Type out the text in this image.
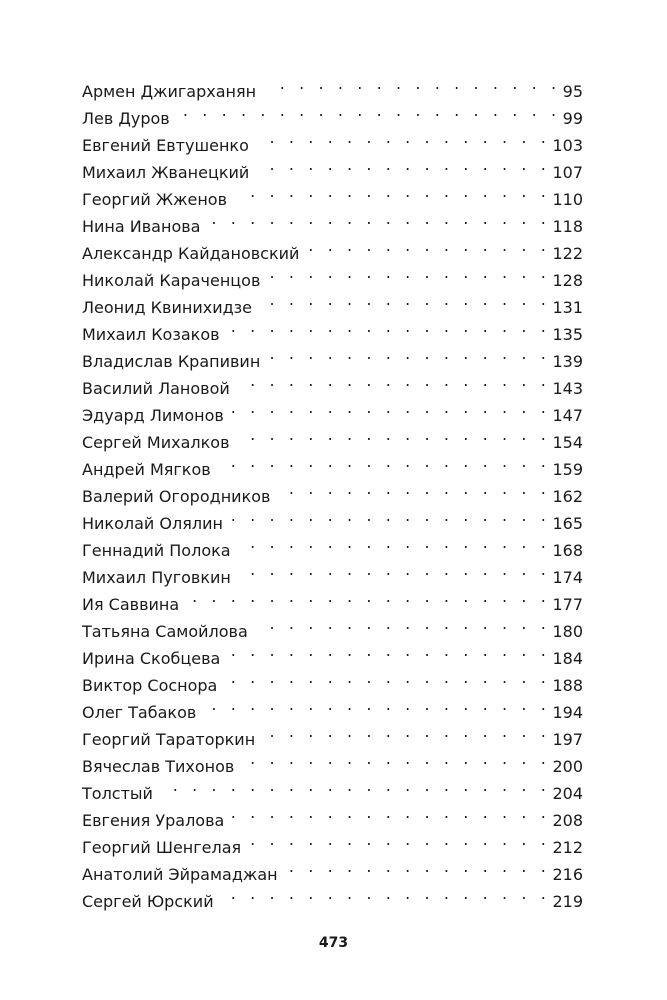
Армен Джигарханян . . .	95
Лев Дуров . . .	99
Евгений Евтушенко . . .	103
Михаил Жванецкий . . .	107
Георгий Жженов . . .	110
Нина Иванова . . .	118
Александр Кайдановский . . .	122
Николай Караченцов . . .	128
Леонид Квинихидзе . . .	131
Михаил Козаков . . .	135
Владислав Крапивин . . .	139
Василий Лановой . . .	143
Эдуард Лимонов . . .	147
Сергей Михалков . . .	154
Андрей Мягков . . .	159
Валерий Огородников . . .	162
Николай Олялин . . .	165
Геннадий Полока . . .	168
Михаил Пуговкин . . .	174
Ия Саввина . . .	177
Татьяна Самойлова . . .	180
Ирина Скобцева . . .	184
Виктор Соснора . . .	188
Олег Табаков . . .	194
Георгий Тараторкин . . .	197
Вячеслав Тихонов . . .	200
Толстый . . .	204
Евгения Уралова . . .	208
Георгий Шенгелая . . .	212
Анатолий Эйрамаджан . . .	216
Сергей Юрский . . .	219
473
